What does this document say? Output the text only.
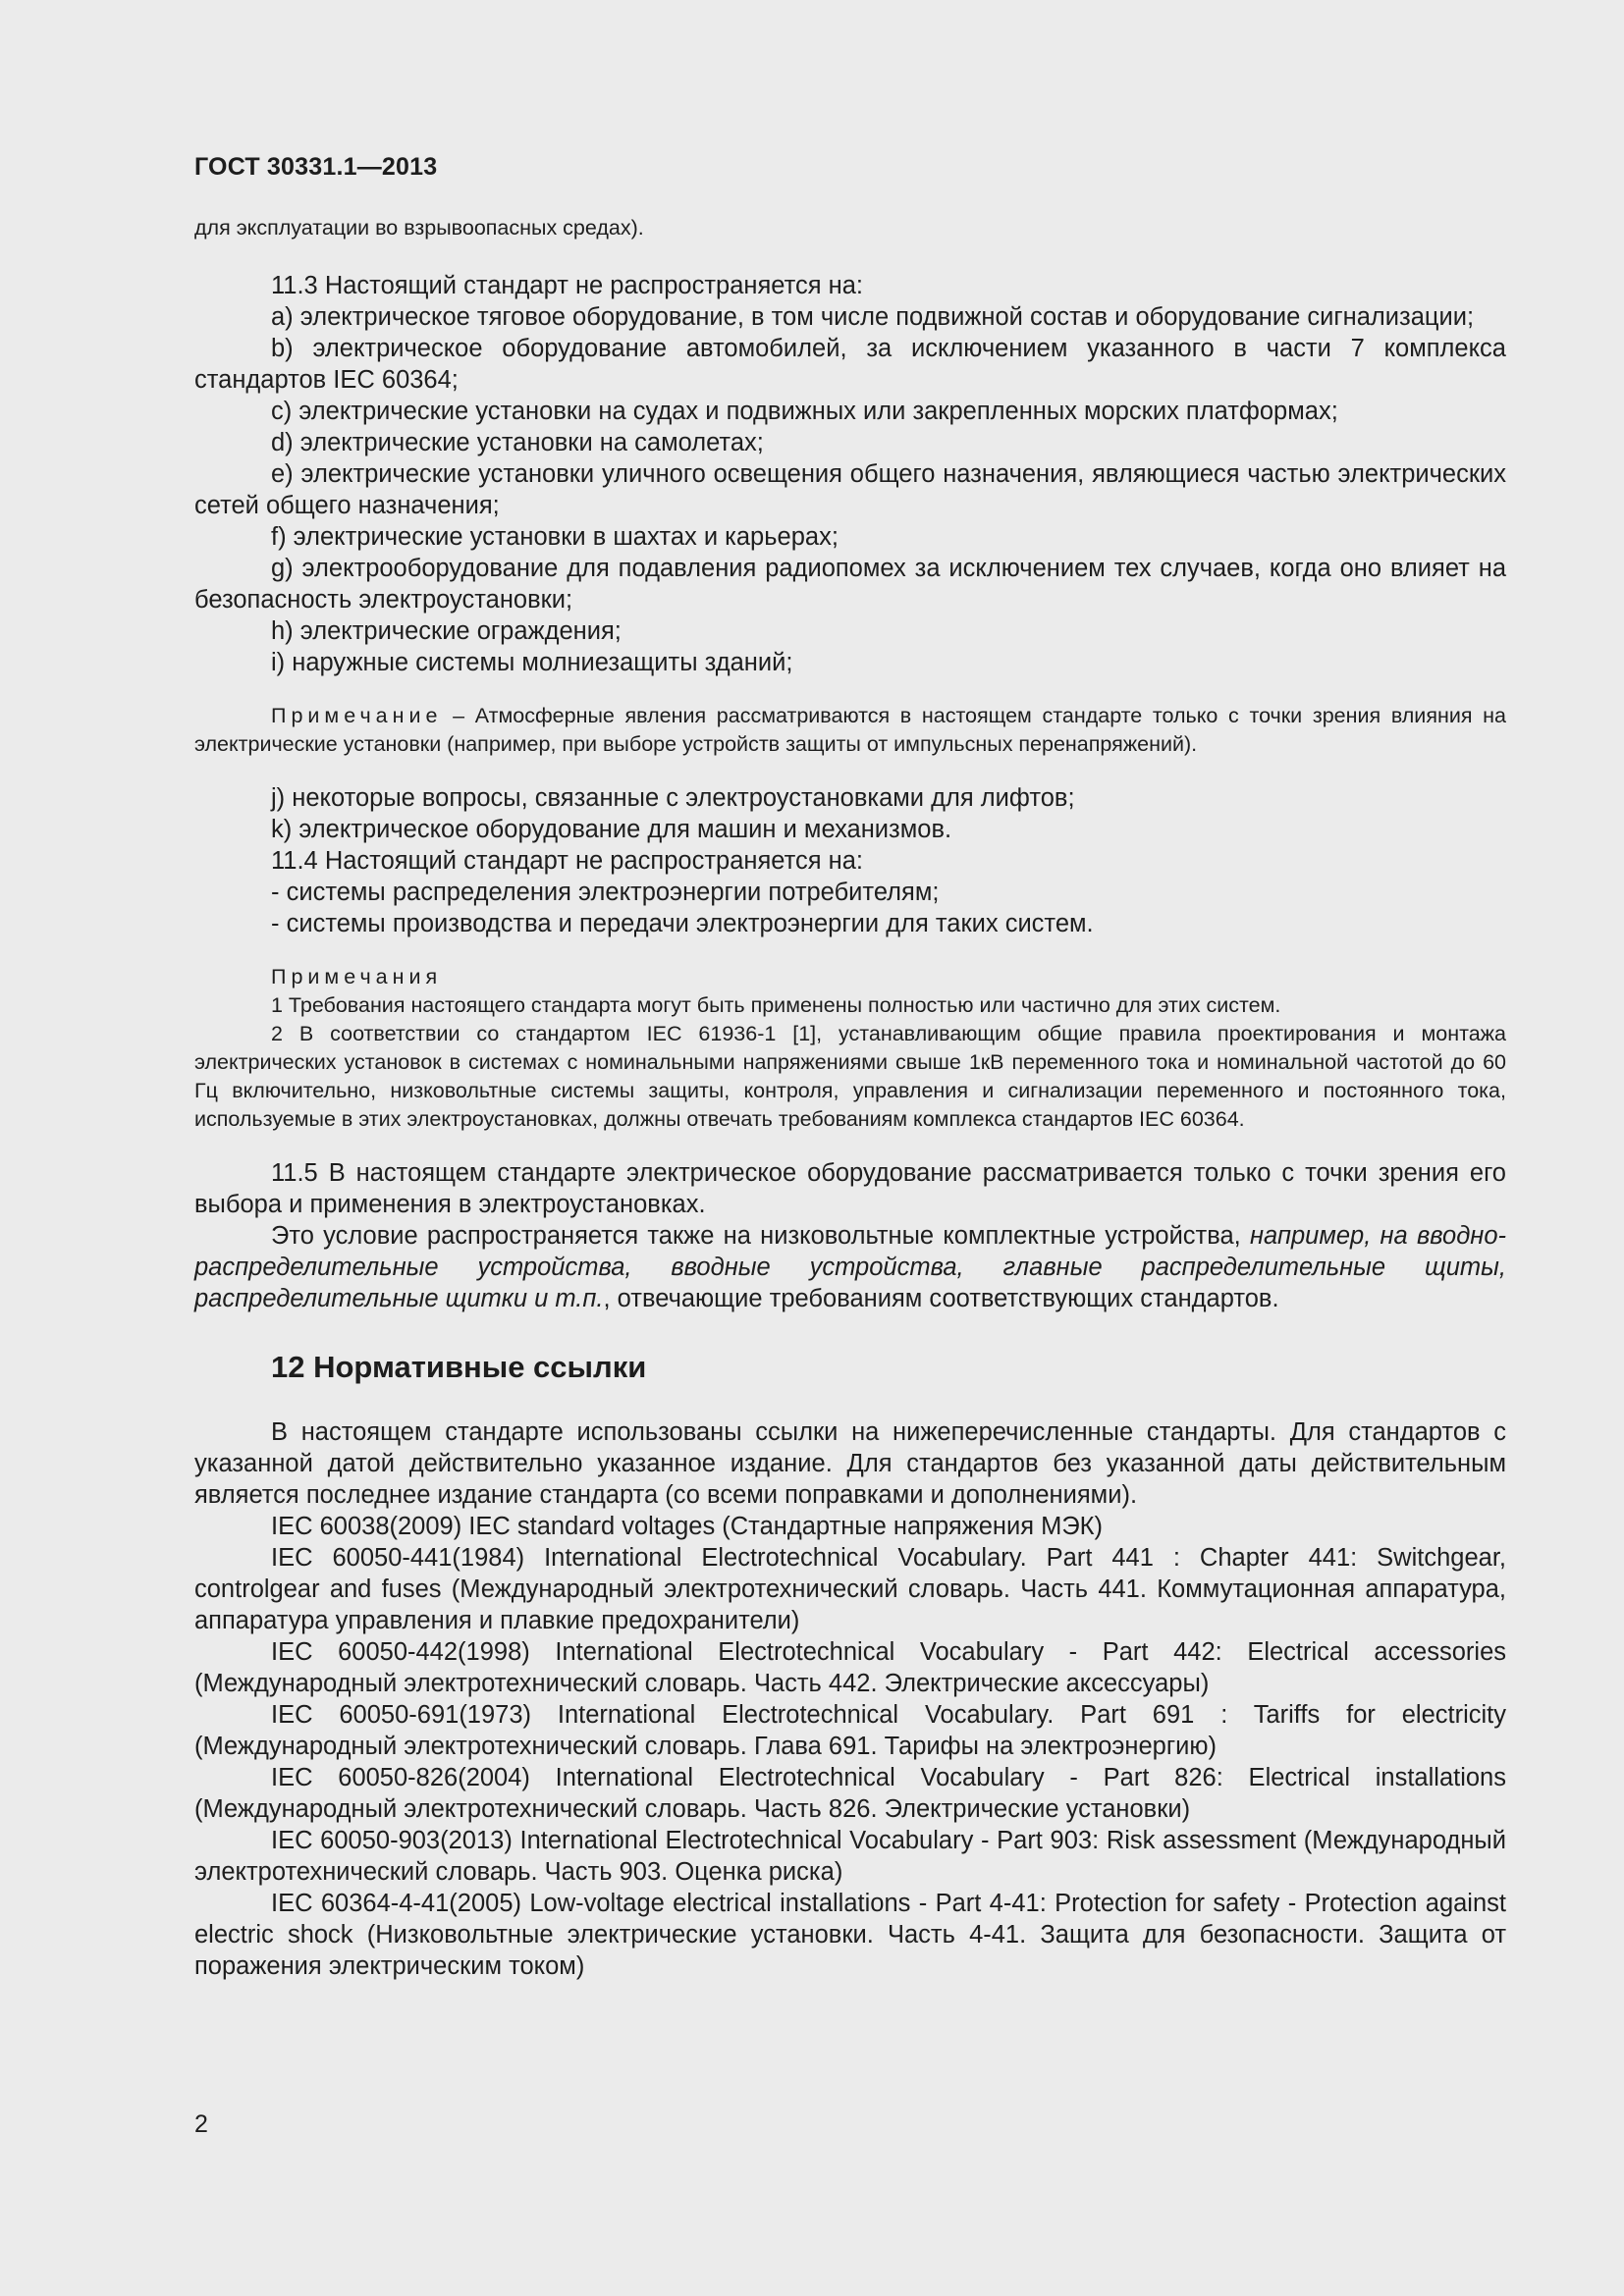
ГОСТ 30331.1—2013

для эксплуатации во взрывоопасных средах).

11.3 Настоящий стандарт не распространяется на:

a) электрическое тяговое оборудование, в том числе подвижной состав и оборудование сигнализации;

b) электрическое оборудование автомобилей, за исключением указанного в части 7 комплекса стандартов IEC 60364;

c) электрические установки на судах и подвижных или закрепленных морских платформах;

d) электрические установки на самолетах;

e) электрические установки уличного освещения общего назначения, являющиеся частью электрических сетей общего назначения;

f) электрические установки в шахтах и карьерах;

g) электрооборудование для подавления радиопомех за исключением тех случаев, когда оно влияет на безопасность электроустановки;

h) электрические ограждения;

i) наружные системы молниезащиты зданий;

Примечание – Атмосферные явления рассматриваются в настоящем стандарте только с точки зрения влияния на электрические установки (например, при выборе устройств защиты от импульсных перенапряжений).

j) некоторые вопросы, связанные с электроустановками для лифтов;

k) электрическое оборудование для машин и механизмов.

11.4 Настоящий стандарт не распространяется на:

- системы распределения электроэнергии потребителям;

- системы производства и передачи электроэнергии для таких систем.

Примечания

1 Требования настоящего стандарта могут быть применены полностью или частично для этих систем.

2 В соответствии со стандартом IEC 61936-1 [1], устанавливающим общие правила проектирования и монтажа электрических установок в системах с номинальными напряжениями свыше 1кВ переменного тока и номинальной частотой до 60 Гц включительно, низковольтные системы защиты, контроля, управления и сигнализации переменного и постоянного тока, используемые в этих электроустановках, должны отвечать требованиям комплекса стандартов IEC 60364.

11.5 В настоящем стандарте электрическое оборудование рассматривается только с точки зрения его выбора и применения в электроустановках.

Это условие распространяется также на низковольтные комплектные устройства, например, на вводно-распределительные устройства, вводные устройства, главные распределительные щиты, распределительные щитки и т.п., отвечающие требованиям соответствующих стандартов.

12 Нормативные ссылки

В настоящем стандарте использованы ссылки на нижеперечисленные стандарты. Для стандартов с указанной датой действительно указанное издание. Для стандартов без указанной даты действительным является последнее издание стандарта (со всеми поправками и дополнениями).

IEC 60038(2009) IEC standard voltages (Стандартные напряжения МЭК)

IEC 60050-441(1984) International Electrotechnical Vocabulary. Part 441 : Chapter 441: Switchgear, controlgear and fuses (Международный электротехнический словарь. Часть 441. Коммутационная аппаратура, аппаратура управления и плавкие предохранители)

IEC 60050-442(1998) International Electrotechnical Vocabulary - Part 442: Electrical accessories (Международный электротехнический словарь. Часть 442. Электрические аксессуары)

IEC 60050-691(1973) International Electrotechnical Vocabulary. Part 691 : Tariffs for electricity (Международный электротехнический словарь. Глава 691. Тарифы на электроэнергию)

IEC 60050-826(2004) International Electrotechnical Vocabulary - Part 826: Electrical installations (Международный электротехнический словарь. Часть 826. Электрические установки)

IEC 60050-903(2013) International Electrotechnical Vocabulary - Part 903: Risk assessment (Международный электротехнический словарь. Часть 903. Оценка риска)

IEC 60364-4-41(2005) Low-voltage electrical installations - Part 4-41: Protection for safety - Protection against electric shock (Низковольтные электрические установки. Часть 4-41. Защита для безопасности. Защита от поражения электрическим током)

2
